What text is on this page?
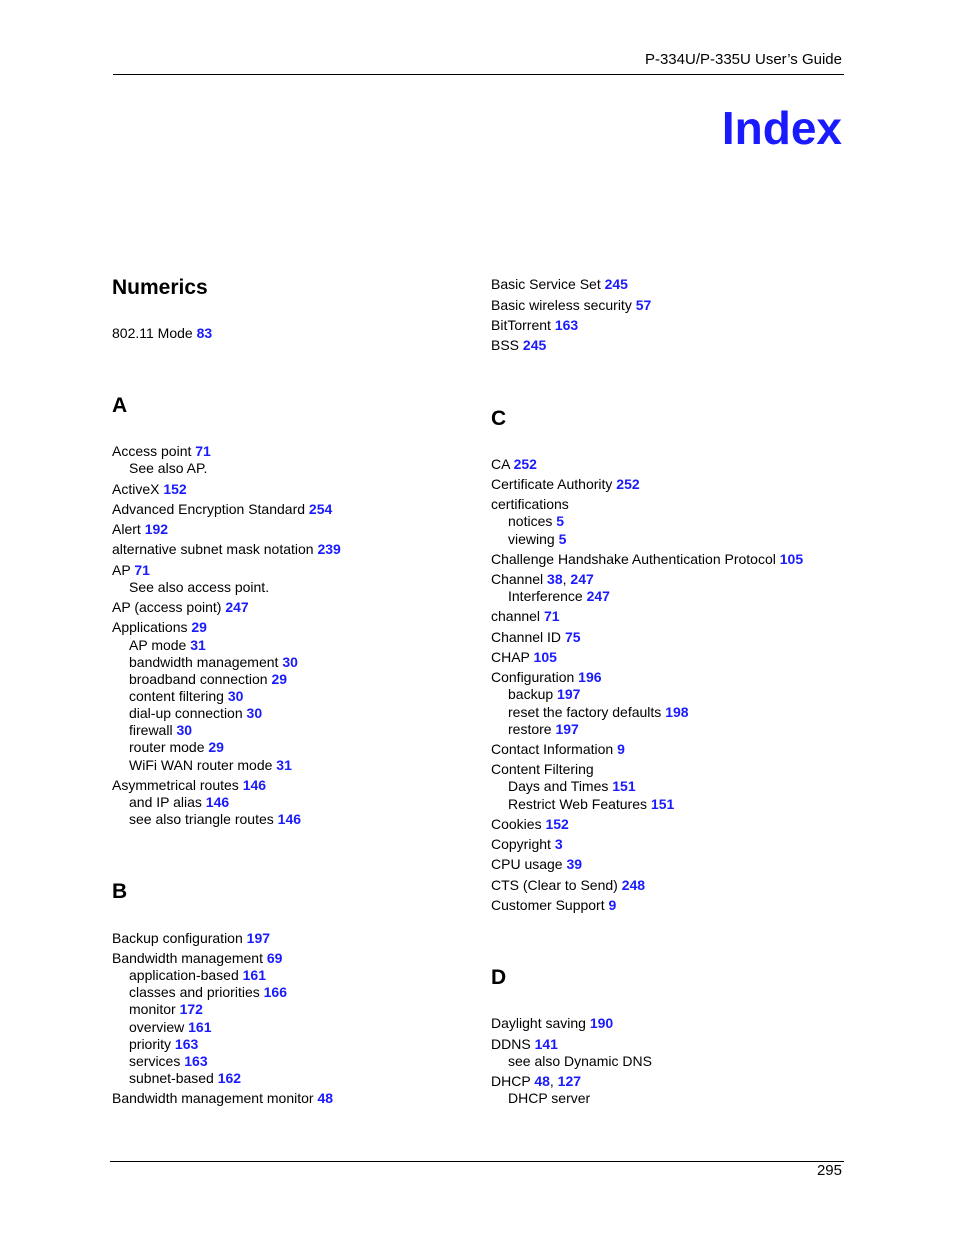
P-334U/P-335U User’s Guide
Index
Numerics
802.11 Mode 83
A
Access point 71
See also AP.
ActiveX 152
Advanced Encryption Standard 254
Alert 192
alternative subnet mask notation 239
AP 71
See also access point.
AP (access point) 247
Applications 29
AP mode 31
bandwidth management 30
broadband connection 29
content filtering 30
dial-up connection 30
firewall 30
router mode 29
WiFi WAN router mode 31
Asymmetrical routes 146
and IP alias 146
see also triangle routes 146
B
Backup configuration 197
Bandwidth management 69
application-based 161
classes and priorities 166
monitor 172
overview 161
priority 163
services 163
subnet-based 162
Bandwidth management monitor 48
Basic Service Set 245
Basic wireless security 57
BitTorrent 163
BSS 245
C
CA 252
Certificate Authority 252
certifications
notices 5
viewing 5
Challenge Handshake Authentication Protocol 105
Channel 38, 247
Interference 247
channel 71
Channel ID 75
CHAP 105
Configuration 196
backup 197
reset the factory defaults 198
restore 197
Contact Information 9
Content Filtering
Days and Times 151
Restrict Web Features 151
Cookies 152
Copyright 3
CPU usage 39
CTS (Clear to Send) 248
Customer Support 9
D
Daylight saving 190
DDNS 141
see also Dynamic DNS
DHCP 48, 127
DHCP server
295
